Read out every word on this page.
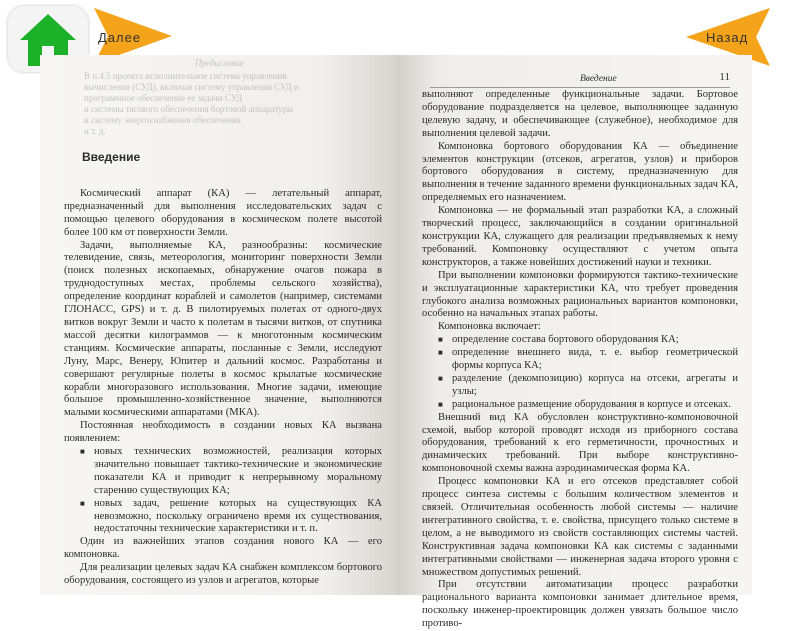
Далее	Назад
Предисловие
В п.4.5 проекта исполнительное система управления
вычисления (СУД), включая систему управления СУД и
программное обеспечение ее задачи СУД
и системы тягового обеспечения бортовой аппаратуры
и систему энергоснабжения обеспечения
и т. д.
Введение

Космический аппарат (КА) — летательный аппарат, предназначенный для выполнения исследовательских задач с помощью целевого оборудования в космическом полете высотой более 100 км от поверхности Земли.

Задачи, выполняемые КА, разнообразны: космические телевидение, связь, метеорология, мониторинг поверхности Земли (поиск полезных ископаемых, обнаружение очагов пожара в труднодоступных местах, проблемы сельского хозяйства), определение координат кораблей и самолетов (например, системами ГЛОНАСС, GPS) и т. д. В пилотируемых полетах от одного-двух витков вокруг Земли и часто к полетам в тысячи витков, от спутника массой десятки килограммов — к многотонным космическим станциям. Космические аппараты, посланные с Земли, исследуют Луну, Марс, Венеру, Юпитер и дальний космос. Разработаны и совершают регулярные полеты в космос крылатые космические корабли многоразового использования. Многие задачи, имеющие большое промышленно-хозяйственное значение, выполняются малыми космическими аппаратами (МКА).

Постоянная необходимость в создании новых КА вызвана появлением:

■ новых технических возможностей, реализация которых значительно повышает тактико-технические и экономические показатели КА и приводит к непрерывному моральному старению существующих КА;
■ новых задач, решение которых на существующих КА невозможно, поскольку ограничено время их существования, недостаточны технические характеристики и т. п.

Один из важнейших этапов создания нового КА — его компоновка.

Для реализации целевых задач КА снабжен комплексом бортового оборудования, состоящего из узлов и агрегатов, которые

Введение	11

выполняют определенные функциональные задачи. Бортовое оборудование подразделяется на целевое, выполняющее заданную целевую задачу, и обеспечивающее (служебное), необходимое для выполнения целевой задачи.

Компоновка бортового оборудования КА — объединение элементов конструкции (отсеков, агрегатов, узлов) и приборов бортового оборудования в систему, предназначенную для выполнения в течение заданного времени функциональных задач КА, определяемых его назначением.

Компоновка — не формальный этап разработки КА, а сложный творческий процесс, заключающийся в создании оригинальной конструкции КА, служащего для реализации предъявляемых к нему требований. Компоновку осуществляют с учетом опыта конструкторов, а также новейших достижений науки и техники.

При выполнении компоновки формируются тактико-технические и эксплуатационные характеристики КА, что требует проведения глубокого анализа возможных рациональных вариантов компоновки, особенно на начальных этапах работы.

Компоновка включает:

■ определение состава бортового оборудования КА;
■ определение внешнего вида, т. е. выбор геометрической формы корпуса КА;
■ разделение (декомпозицию) корпуса на отсеки, агрегаты и узлы;
■ рациональное размещение оборудования в корпусе и отсеках.

Внешний вид КА обусловлен конструктивно-компоновочной схемой, выбор которой проводят исходя из приборного состава оборудования, требований к его герметичности, прочностных и динамических требований. При выборе конструктивно-компоновочной схемы важна аэродинамическая форма КА.

Процесс компоновки КА и его отсеков представляет собой процесс синтеза системы с большим количеством элементов и связей. Отличительная особенность любой системы — наличие интегративного свойства, т. е. свойства, присущего только системе в целом, а не выводимого из свойств составляющих системы частей. Конструктивная задача компоновки КА как системы с заданными интегративными свойствами — инженерная задача второго уровня с множеством допустимых решений.

При отсутствии автоматизации процесс разработки рационального варианта компоновки занимает длительное время, поскольку инженер-проектировщик должен увязать большое число противо-
